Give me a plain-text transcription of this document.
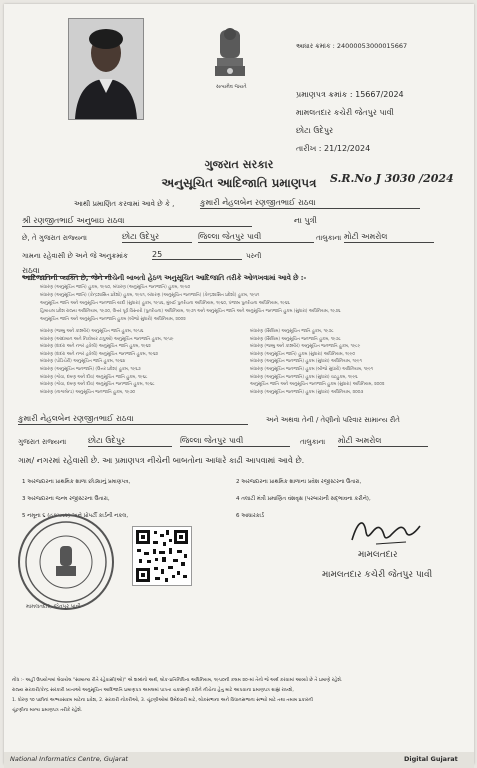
સત્યમેવ જયતે
આધાર ક્રમાંક : 24000053000015667
પ્રમાણપત્ર ક્રમાંક : 15667/2024
મામલતદાર કચેરી જેતપુર પાવી
છોટા ઉદેપુર
તારીખ : 21/12/2024
ગુજરાત સરકાર
અનુસૂચિત આદિજાતિ પ્રમાણપત્ર	S.R.No J 3030 /2024
આથી પ્રમાણિત કરવામાં આવે છે કે ,	કુમારી નેહલબેન રણજીતભાઈ રાઠવા
શ્રી રણજીતભાઈ અનુબાઇ રાઠવા	ના પુત્રી
છે, તે ગુજરાત રાજ્યના	છોટા ઉદેપુર	જિલ્લા જેતપુર પાવી	તાલુકાના મોટી અમરોલ
ગામના રહેવાસી છે અને જે અનુક્રમાંક	25	પરની
રાઠવા
આદિજાતિની વ્યક્તિ છે, જેને નીચેની બાબતો હેઠળ અનુસૂચિત આદિજાતિ તરીકે ઓળખવામાં આવે છે :-
બંધારણ (અનુસૂચિત જાતિ) હુકમ, ૧૯૫૦, બંધારણ (અનુસૂચિત જનજાતિ) હુકમ, ૧૯૫૦
બંધારણ (અનુસૂચિત જાતિ) (કેન્દ્રશાસિત પ્રદેશો) હુકમ, ૧૯૫૧, બંધારણ (અનુસૂચિત જનજાતિ) (કેન્દ્રશાસિત પ્રદેશો) હુકમ, ૧૯૫૧
અનુસૂચિત જાતિ અને અનુસૂચિત જનજાતિ યાદી (સુધારા) હુકમ, ૧૯૫૬, મુંબઈ પુનર્રચના અધિનિયમ, ૧૯૬૦, પંજાબ પુનર્રચના અધિનિયમ, ૧૯૬૬
હિમાચલ પ્રદેશ રાજ્ય અધિનિયમ, ૧૯૭૦, ઉત્તર પૂર્વ વિસ્તારો (પુનર્રચના) અધિનિયમ, ૧૯૭૧ અને અનુસૂચિત જાતિ અને અનુસૂચિત જનજાતિ હુકમ (સુધારા) અધિનિયમ, ૧૯૭૬
અનુસૂચિત જાતિ અને અનુસૂચિત જનજાતિ હુકમ (બીજો સુધારો) અધિનિયમ, ૨૦૦૨
બંધારણ (જમ્મુ અને કાશ્મીર) અનુસૂચિત જાતિ હુકમ, ૧૯૫૬
બંધારણ (આંદામાન અને નિકોબાર ટાપુઓ) અનુસૂચિત જનજાતિ હુકમ, ૧૯૫૯
બંધારણ (દાદરા અને નગર હવેલી) અનુસૂચિત જાતિ હુકમ, ૧૯૬૨
બંધારણ (દાદરા અને નગર હવેલી) અનુસૂચિત જનજાતિ હુકમ, ૧૯૬૨
બંધારણ (પોંડિચેરી) અનુસૂચિત જાતિ હુકમ, ૧૯૬૪
બંધારણ (અનુસૂચિત જનજાતિ) (ઉત્તર પ્રદેશ) હુકમ, ૧૯૬૭
બંધારણ (ગોવા, દમણ અને દીવ) અનુસૂચિત જાતિ હુકમ, ૧૯૬૮
બંધારણ (ગોવા, દમણ અને દીવ) અનુસૂચિત જનજાતિ હુકમ, ૧૯૬૮
બંધારણ (નાગાલેન્ડ) અનુસૂચિત જનજાતિ હુકમ, ૧૯૭૦
બંધારણ (સિક્કિમ) અનુસૂચિત જાતિ હુકમ, ૧૯૭૮
બંધારણ (સિક્કિમ) અનુસૂચિત જનજાતિ હુકમ, ૧૯૭૮
બંધારણ (જમ્મુ અને કાશ્મીર) અનુસૂચિત જનજાતિ હુકમ, ૧૯૮૯
બંધારણ (અનુસૂચિત જાતિ) હુકમ (સુધારા) અધિનિયમ, ૧૯૯૦
બંધારણ (અનુસૂચિત જનજાતિ) હુકમ (સુધારા) અધિનિયમ, ૧૯૯૧
બંધારણ (અનુસૂચિત જનજાતિ) હુકમ (બીજો સુધારો) અધિનિયમ, ૧૯૯૧
બંધારણ (અનુસૂચિત જનજાતિ) હુકમ (સુધારા) વટહુકમ, ૧૯૯૬
અનુસૂચિત જાતિ અને અનુસૂચિત જનજાતિ હુકમ (સુધારા) અધિનિયમ, ૨૦૦૨
બંધારણ (અનુસૂચિત જનજાતિ) હુકમ (સુધારા) અધિનિયમ, ૨૦૦૩
કુમારી નેહલબેન રણજીતભાઈ રાઠવા	અને અથવા તેની / તેણીનો પરિવાર સામાન્ય રીતે
ગુજરાત રાજ્યના	છોટા ઉદેપુર	જિલ્લા જેતપુર પાવી	તાલુકાના મોટી અમરોલ
ગામ/ નગરમાં રહેવાસી છે. આ પ્રમાણપત્ર નીચેની બાબતોના આધારે કાઢી આપવામાં આવે છે.
1 અરજદારના પ્રાથમિક શાળા છોડ્યાનું પ્રમાણપત્ર,
3 અરજદારના જન્મ રજીસ્ટરના ઉતારા,
5 નમૂના ૬ (હકપત્રક) અને પ્રોપર્ટી કાર્ડની નકલ,
2 અરજદારના પ્રાથમિક શાળાના પ્રવેશ રજીસ્ટરના ઉતારા,
4 તલાટી મંત્રી પ્રમાણિત વંશવૃક્ષ (પરબારાની સદ્ભાવના કરીને),
6 આધારકાર્ડ
મામલતદાર, જેતપુર પાવી
મામલતદાર
મામલતદાર કચેરી જેતપુર પાવી
નોંધ :- અહીં ઉપયોગમાં લેવાયેલ "સામાન્ય રીતે રહેવાસી(ઓ)" એ શબ્દનો અર્થ, લોક-પ્રતિનિધિત્વ અધિનિયમ, ૧૯૫૦ની કલમ ૨૦-માં તેનો જે અર્થ કરવામાં આવ્યો છે તે પ્રમાણે રહેશે.
રાજ્ય સરકારી/કેન્દ્ર સરકારી ખાતાઓ અનુસૂચિત આદિજાતિ પ્રમાણપત્ર અમલમાં પાત્રતા ચકાસણી કરીને નીચેના હેતુ માટે આપવાના પ્રમાણપત્ર ગ્રાહ્ય રાખશે,
1. ધોરણ ૧૦ પછીનાં અભ્યાસક્રમ માટેના પ્રવેશ, 2. સરકારી નોકરીઓ, 3. ચૂંટણીઓમાં ઉમેદવારી માટે, લોકસભાના અને વિધાનસભાના સભ્યો માટે તથા તમામ પ્રકારની
ચૂંટણીના માન્ય પ્રમાણપત્ર તરીકે રહેશે.
National Informatics Centre, Gujarat	Digital Gujarat
